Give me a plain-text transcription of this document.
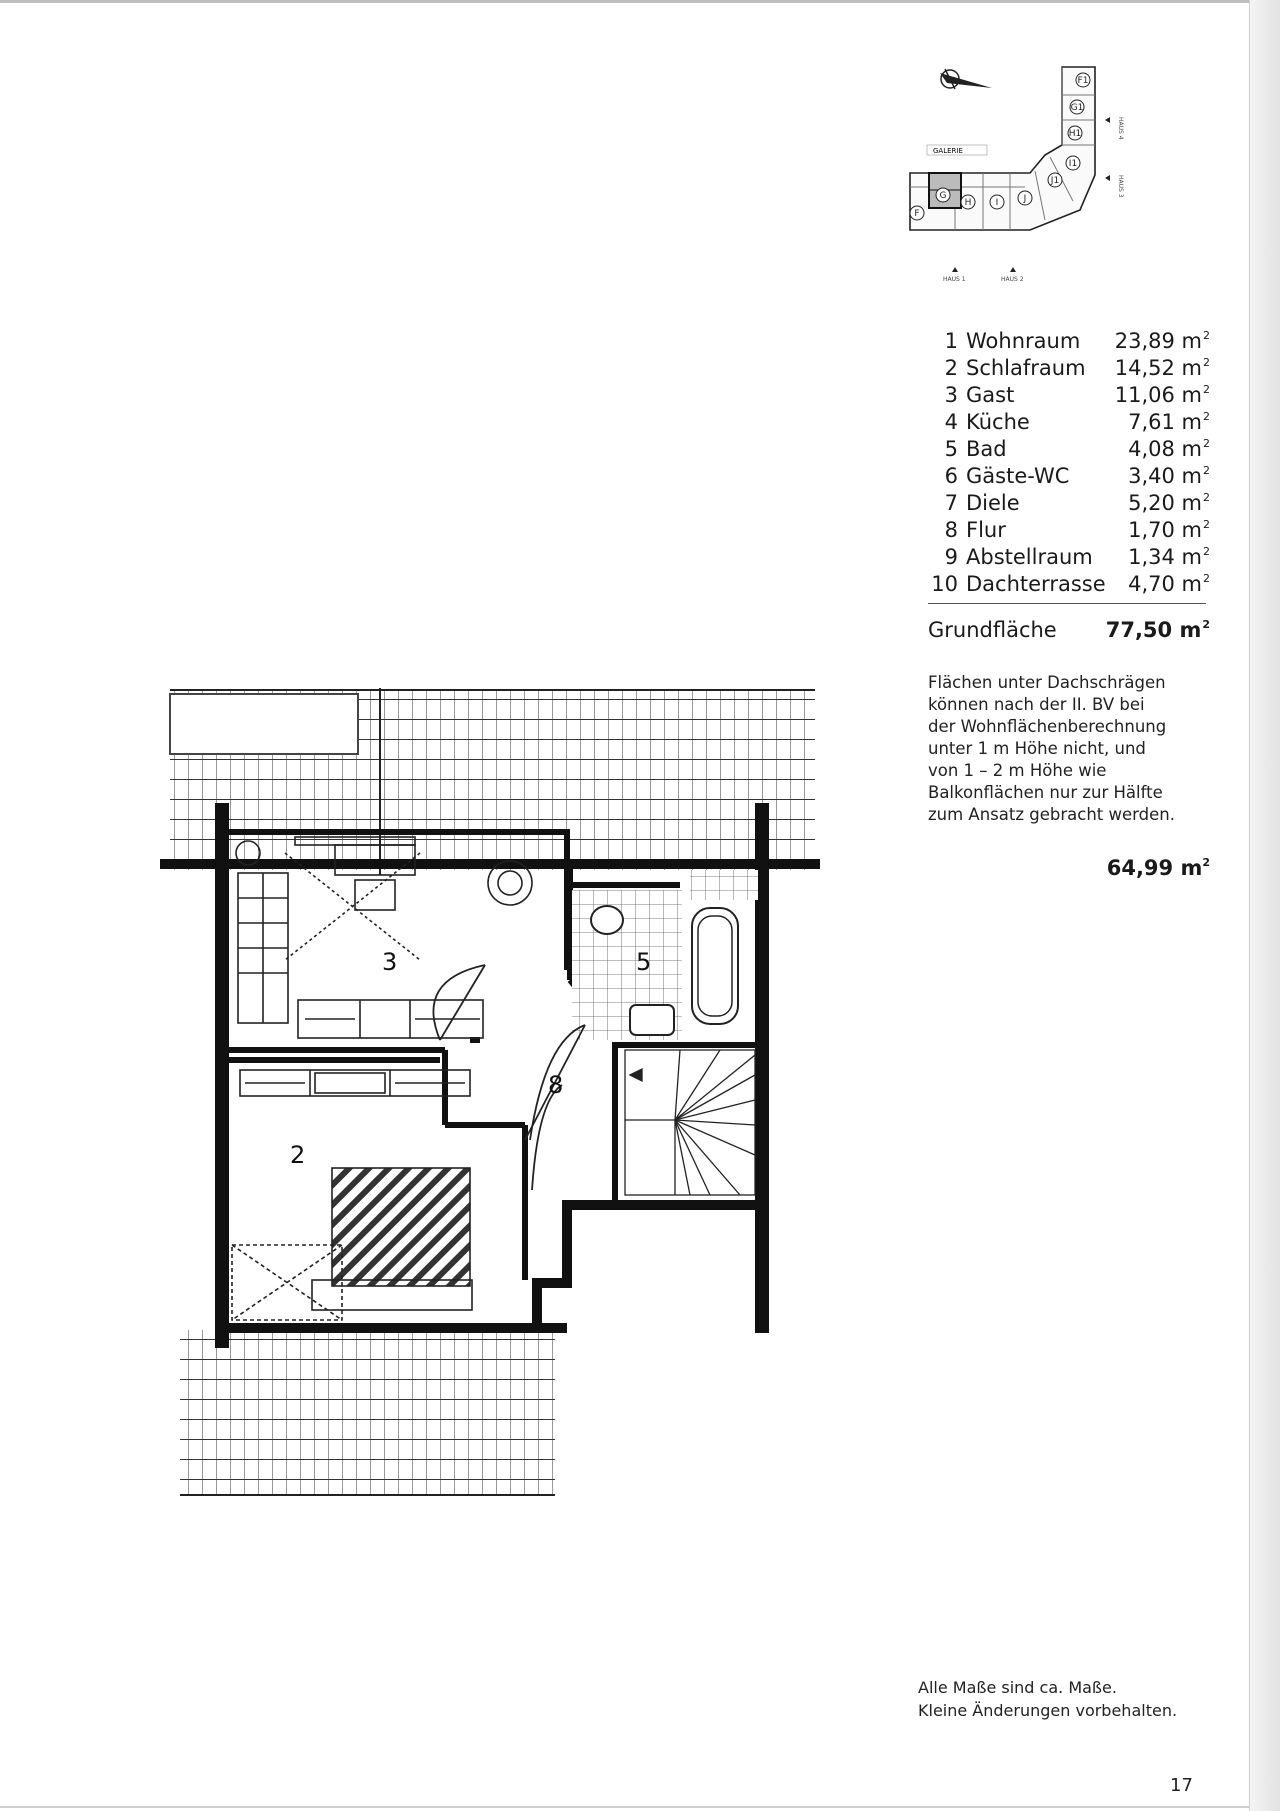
GALERIE
F
G
H	I	J
J1
I1
H1
G1
F1
HAUS 1	HAUS 2
HAUS 3
HAUS 4
1 Wohnraum	23,89 $m^2$
2 Schlafraum	14,52 $m^2$
3 Gast	11,06 $m^2$
4 Küche	7,61 $m^2$
5 Bad	4,08 $m^2$
6 Gäste-WC	3,40 $m^2$
7 Diele	5,20 $m^2$
8 Flur	1,70 $m^2$
9 Abstellraum	1,34 $m^2$
10 Dachterrasse	4,70 $m^2$
Grundfläche 77,50 $m^2$
Flächen unter Dachschrägen
können nach der II. BV bei
der Wohnflächenberechnung
unter 1 m Höhe nicht, und
von 1 – 2 m Höhe wie
Balkonflächen nur zur Hälfte
zum Ansatz gebracht werden.
64,99 $m^2$
3	5
8
2
Alle Maße sind ca. Maße.
Kleine Änderungen vorbehalten.
17
